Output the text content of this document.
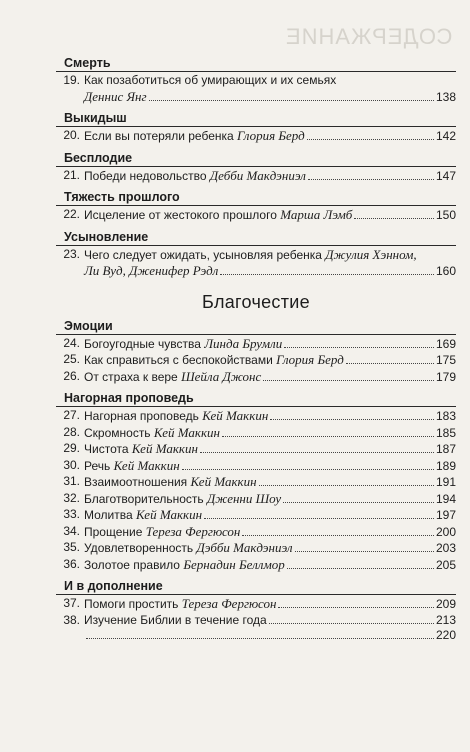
СОДЕРЖАНИЕ
Смерть
19. Как позаботиться об умирающих и их семьях
Деннис Янг	138
Выкидыш
20. Если вы потеряли ребенка
Глория Берд	142
Бесплодие
21. Победи недовольство
Дебби Макдэниэл	147
Тяжесть прошлого
22. Исцеление от жестокого прошлого
Марша Лэмб	150
Усыновление
23. Чего следует ожидать, усыновляя ребенка
Джулия Хэнном,
Ли Вуд, Дженифер Рэдл	160
Благочестие
Эмоции
24. Богоугодные чувства
Линда Брумли	169
25. Как справиться с беспокойствами
Глория Берд	175
26. От страха к вере
Шейла Джонс	179
Нагорная проповедь
27. Нагорная проповедь
Кей Маккин	183
28. Скромность
Кей Маккин	185
29. Чистота
Кей Маккин	187
30. Речь
Кей Маккин	189
31. Взаимоотношения
Кей Маккин	191
32. Благотворительность
Дженни Шоу	194
33. Молитва
Кей Маккин	197
34. Прощение
Тереза Фергюсон	200
35. Удовлетворенность
Дэбби Макдэниэл	203
36. Золотое правило
Бернадин Беллмор	205
И в дополнение
37. Помоги простить
Тереза Фергюсон	209
38. Изучение Библии в течение года	213
220
